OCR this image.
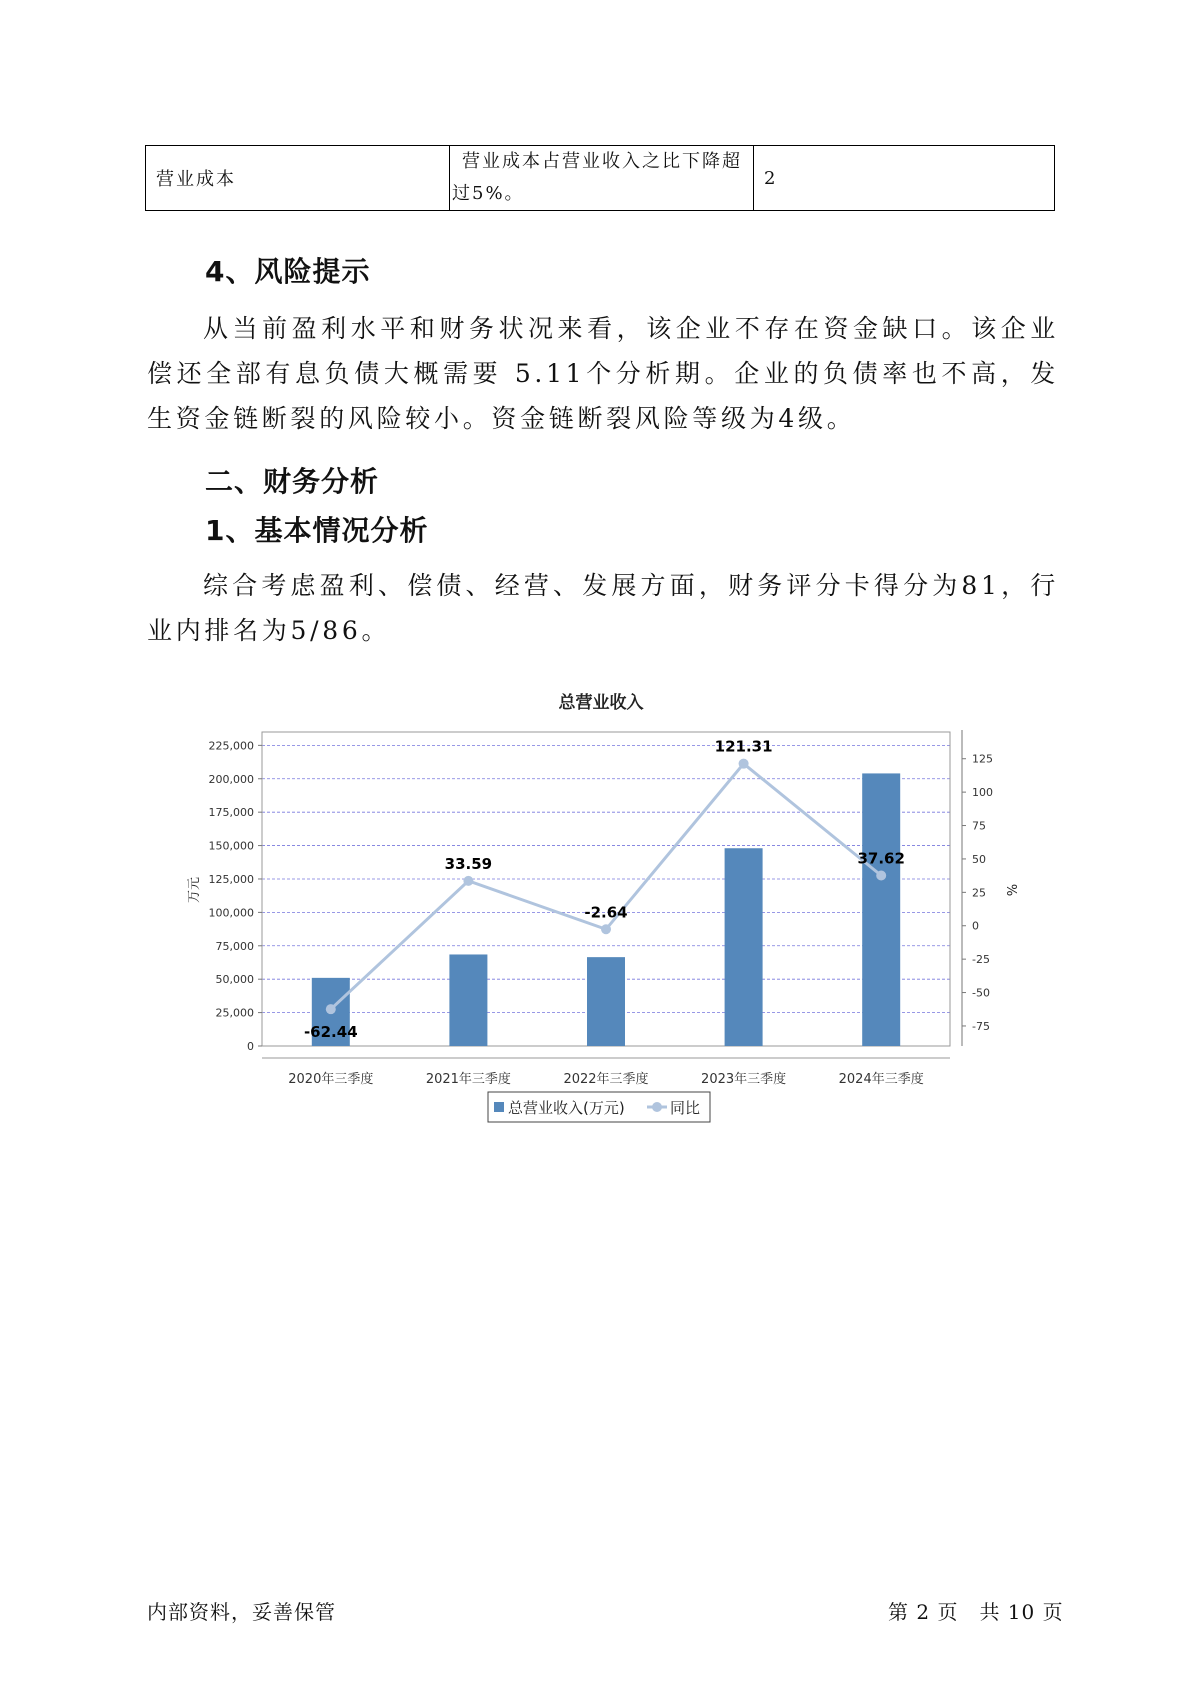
营业成本	
营业成本占营业收入之比下降超
过5%。	2
4、风险提示

从当前盈利水平和财务状况来看，该企业不存在资金缺口。该企业偿还全部有息负债大概需要 5.11个分析期。企业的负债率也不高，发生资金链断裂的风险较小。资金链断裂风险等级为4级。

二、财务分析
1、基本情况分析

综合考虑盈利、偿债、经营、发展方面，财务评分卡得分为81，行业内排名为5/86。

总营业收入
0
25,000
50,000
75,000
100,000
125,000
150,000
175,000
200,000
225,000
-75
-50
-25
0
25
50
75
100
125
2020年三季度	2021年三季度	2022年三季度	2023年三季度	2024年三季度
万元	%
-62.44
33.59
-2.64
121.31
37.62
总营业收入(万元)	同比
内部资料，妥善保管	第 2 页　共 10 页
